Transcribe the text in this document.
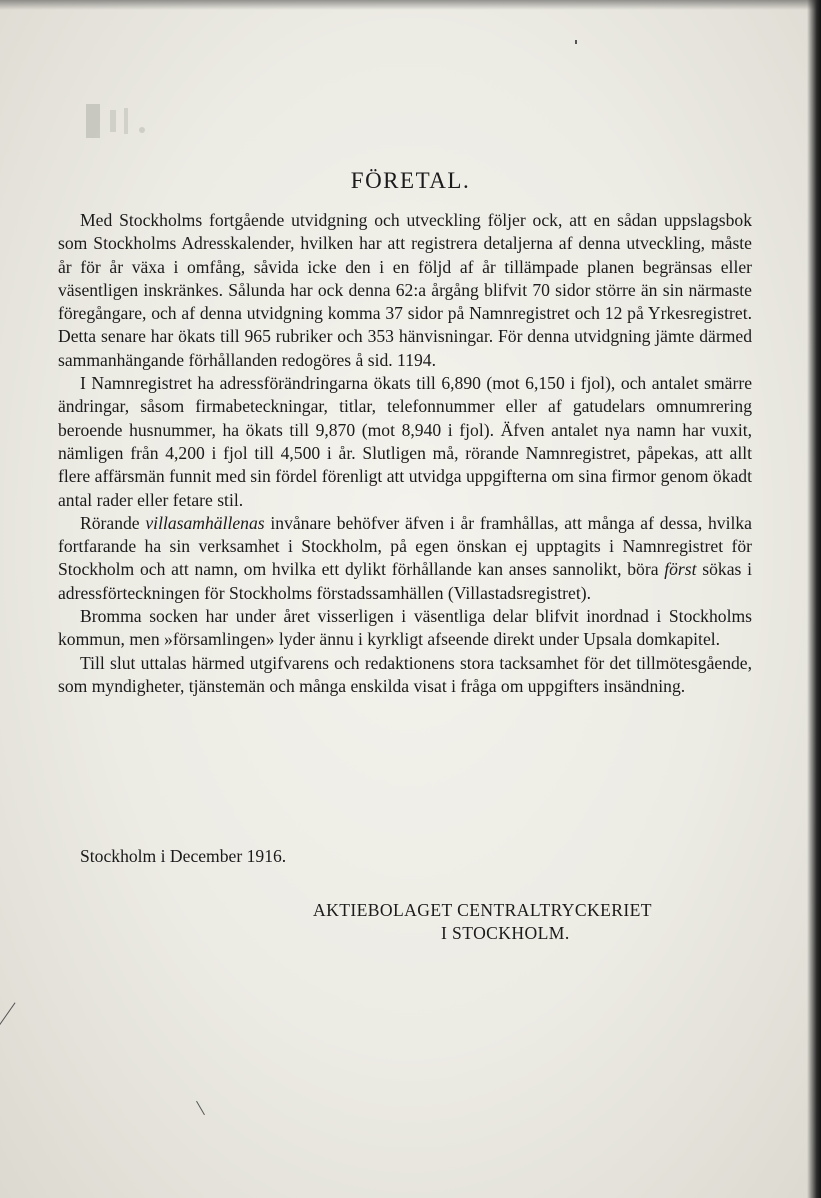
FÖRETAL.

Med Stockholms fortgående utvidgning och utveckling följer ock, att en sådan uppslagsbok som Stockholms Adresskalender, hvilken har att registrera detaljerna af denna utveckling, måste år för år växa i omfång, såvida icke den i en följd af år tillämpade planen begränsas eller väsentligen inskränkes. Sålunda har ock denna 62:a årgång blifvit 70 sidor större än sin närmaste föregångare, och af denna utvidgning komma 37 sidor på Namnregistret och 12 på Yrkesregistret. Detta senare har ökats till 965 rubriker och 353 hänvisningar. För denna utvidgning jämte därmed sammanhängande förhållanden redogöres å sid. 1194.

I Namnregistret ha adressförändringarna ökats till 6,890 (mot 6,150 i fjol), och antalet smärre ändringar, såsom firmabeteckningar, titlar, telefonnummer eller af gatudelars omnumrering beroende husnummer, ha ökats till 9,870 (mot 8,940 i fjol). Äfven antalet nya namn har vuxit, nämligen från 4,200 i fjol till 4,500 i år. Slutligen må, rörande Namnregistret, påpekas, att allt flere affärsmän funnit med sin fördel förenligt att utvidga uppgifterna om sina firmor genom ökadt antal rader eller fetare stil.

Rörande villasamhällenas invånare behöfver äfven i år framhållas, att många af dessa, hvilka fortfarande ha sin verksamhet i Stockholm, på egen önskan ej upptagits i Namnregistret för Stockholm och att namn, om hvilka ett dylikt förhållande kan anses sannolikt, böra först sökas i adressförteckningen för Stockholms förstadssamhällen (Villastadsregistret).

Bromma socken har under året visserligen i väsentliga delar blifvit inordnad i Stockholms kommun, men »församlingen» lyder ännu i kyrkligt afseende direkt under Upsala domkapitel.

Till slut uttalas härmed utgifvarens och redaktionens stora tacksamhet för det tillmötesgående, som myndigheter, tjänstemän och många enskilda visat i fråga om uppgifters insändning.

Stockholm i December 1916.
AKTIEBOLAGET CENTRALTRYCKERIET
I STOCKHOLM.
